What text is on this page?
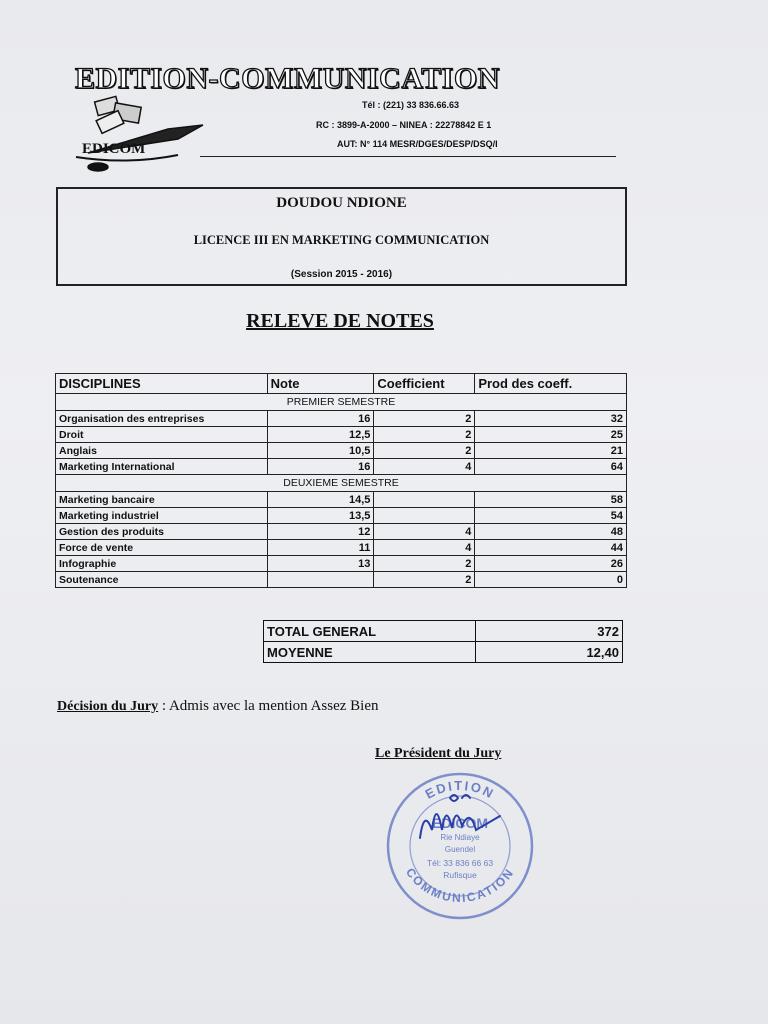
EDICOM
EDITION-COMMUNICATION
Tél : (221) 33 836.66.63
RC : 3899-A-2000 – NINEA : 22278842 E 1
AUT: N° 114 MESR/DGES/DESP/DSQ/I
DOUDOU NDIONE
LICENCE III EN MARKETING COMMUNICATION
(Session 2015 - 2016)
RELEVE DE NOTES
DISCIPLINES	Note	Coefficient	Prod des coeff.
PREMIER SEMESTRE			
Organisation des entreprises	16	2	32
Droit	12,5	2	25
Anglais	10,5	2	21
Marketing International	16	4	64
DEUXIEME SEMESTRE			
Marketing bancaire	14,5		58
Marketing industriel	13,5		54
Gestion des produits	12	4	48
Force de vente	11	4	44
Infographie	13	2	26
Soutenance		2	0
TOTAL GENERAL	372
MOYENNE	12,40
Décision du Jury : Admis avec la mention Assez Bien
Le Président du Jury
EDITION
COMMUNICATION
EDICOM
Rie Ndiaye
Guendel
Tél: 33 836 66 63
Rufisque
